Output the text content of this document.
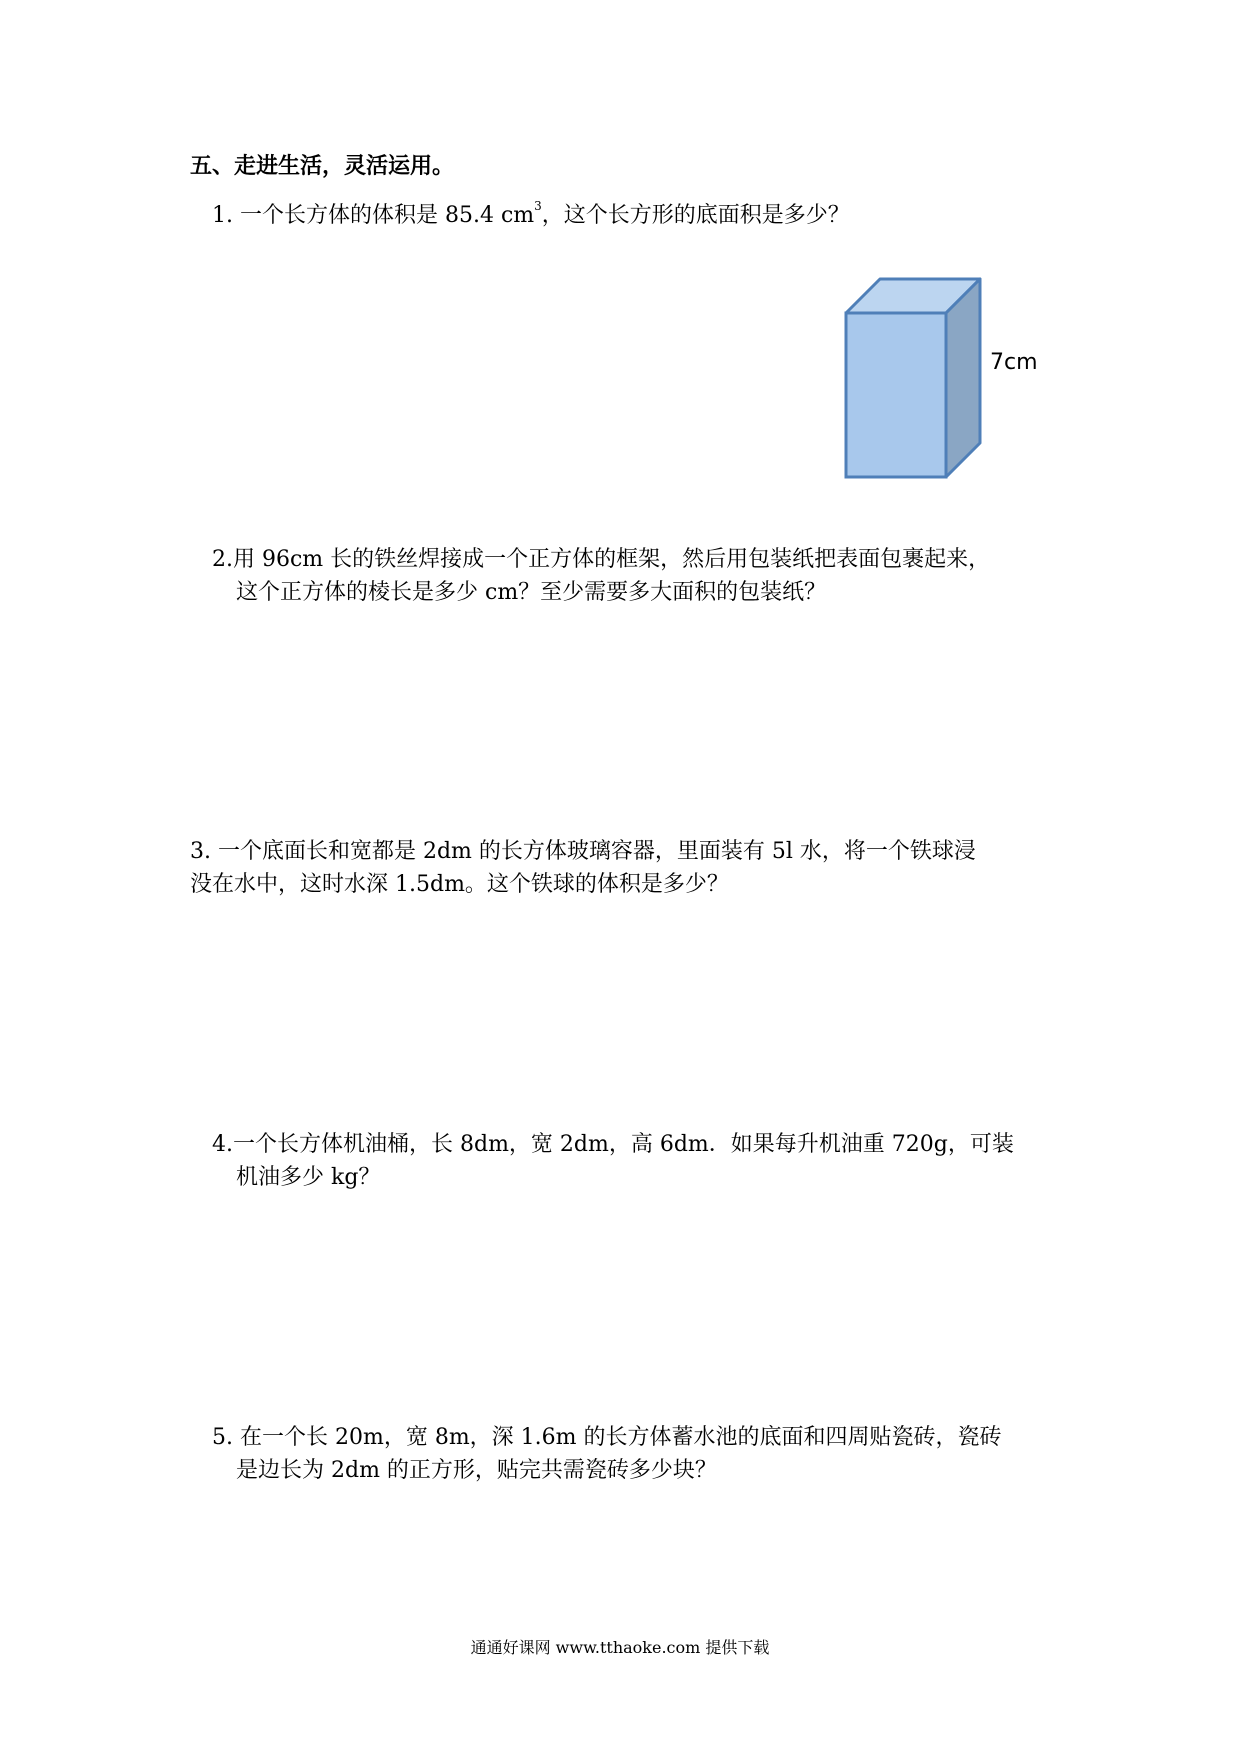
五、走进生活，灵活运用。
1. 一个长方体的体积是 85.4 $cm^3$，这个长方形的底面积是多少？
7cm
2.用 96cm 长的铁丝焊接成一个正方体的框架，然后用包装纸把表面包裹起来，
这个正方体的棱长是多少 cm？至少需要多大面积的包装纸？
3. 一个底面长和宽都是 2dm 的长方体玻璃容器，里面装有 5l 水，将一个铁球浸
没在水中，这时水深 1.5dm。这个铁球的体积是多少？
4.一个长方体机油桶，长 8dm，宽 2dm，高 6dm．如果每升机油重 720g，可装
机油多少 kg？
5. 在一个长 20m，宽 8m，深 1.6m 的长方体蓄水池的底面和四周贴瓷砖，瓷砖
是边长为 2dm 的正方形，贴完共需瓷砖多少块？
通通好课网 www.tthaoke.com 提供下载
